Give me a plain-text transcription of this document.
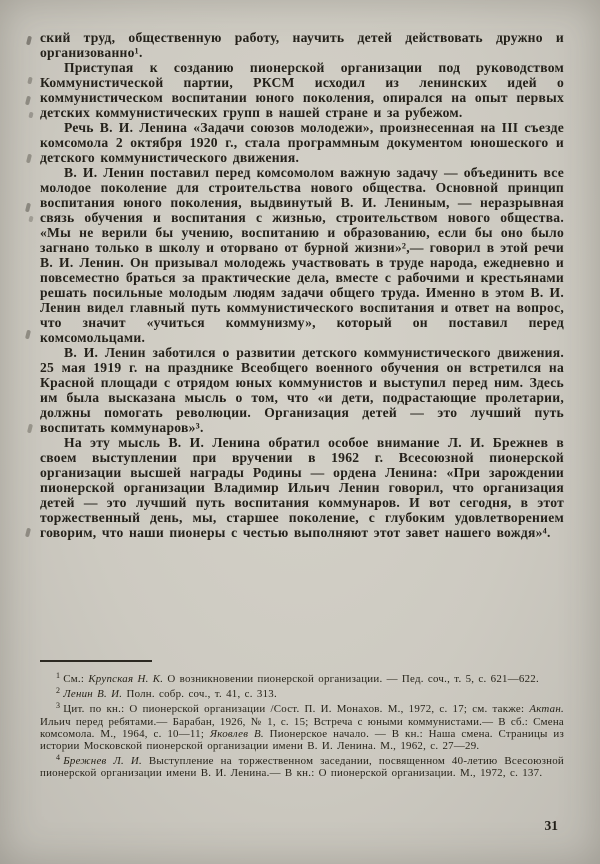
ский труд, общественную работу, научить детей действовать дружно и организованно¹.

Приступая к созданию пионерской организации под руководством Коммунистической партии, РКСМ исходил из ленинских идей о коммунистическом воспитании юного поколения, опирался на опыт первых детских коммунистических групп в нашей стране и за рубежом.

Речь В. И. Ленина «Задачи союзов молодежи», произнесенная на III съезде комсомола 2 октября 1920 г., стала программным документом юношеского и детского коммунистического движения.

В. И. Ленин поставил перед комсомолом важную задачу — объединить все молодое поколение для строительства нового общества. Основной принцип воспитания юного поколения, выдвинутый В. И. Лениным, — неразрывная связь обучения и воспитания с жизнью, строительством нового общества. «Мы не верили бы учению, воспитанию и образованию, если бы оно было загнано только в школу и оторвано от бурной жизни»²,— говорил в этой речи В. И. Ленин. Он призывал молодежь участвовать в труде народа, ежедневно и повсеместно браться за практические дела, вместе с рабочими и крестьянами решать посильные молодым людям задачи общего труда. Именно в этом В. И. Ленин видел главный путь коммунистического воспитания и ответ на вопрос, что значит «учиться коммунизму», который он поставил перед комсомольцами.

В. И. Ленин заботился о развитии детского коммунистического движения. 25 мая 1919 г. на празднике Всеобщего военного обучения он встретился на Красной площади с отрядом юных коммунистов и выступил перед ним. Здесь им была высказана мысль о том, что «и дети, подрастающие пролетарии, должны помогать революции. Организация детей — это лучший путь воспитать коммунаров»³.

На эту мысль В. И. Ленина обратил особое внимание Л. И. Брежнев в своем выступлении при вручении в 1962 г. Всесоюзной пионерской организации высшей награды Родины — ордена Ленина: «При зарождении пионерской организации Владимир Ильич Ленин говорил, что организация детей — это лучший путь воспитания коммунаров. И вот сегодня, в этот торжественный день, мы, старшее поколение, с глубоким удовлетворением говорим, что наши пионеры с честью выполняют этот завет нашего вождя»⁴.

$^1$ См.: Крупская Н. К. О возникновении пионерской организации. — Пед. соч., т. 5, с. 621—622.

$^2$ Ленин В. И. Полн. собр. соч., т. 41, с. 313.

$^3$ Цит. по кн.: О пионерской организации /Сост. П. И. Монахов. М., 1972, с. 17; см. также: Актан. Ильич перед ребятами.— Барабан, 1926, № 1, с. 15; Встреча с юными коммунистами.— В сб.: Смена комсомола. М., 1964, с. 10—11; Яковлев В. Пионерское начало. — В кн.: Наша смена. Страницы из истории Московской пионерской организации имени В. И. Ленина. М., 1962, с. 27—29.

$^4$ Брежнев Л. И. Выступление на торжественном заседании, посвященном 40-летию Всесоюзной пионерской организации имени В. И. Ленина.— В кн.: О пионерской организации. М., 1972, с. 137.

31
